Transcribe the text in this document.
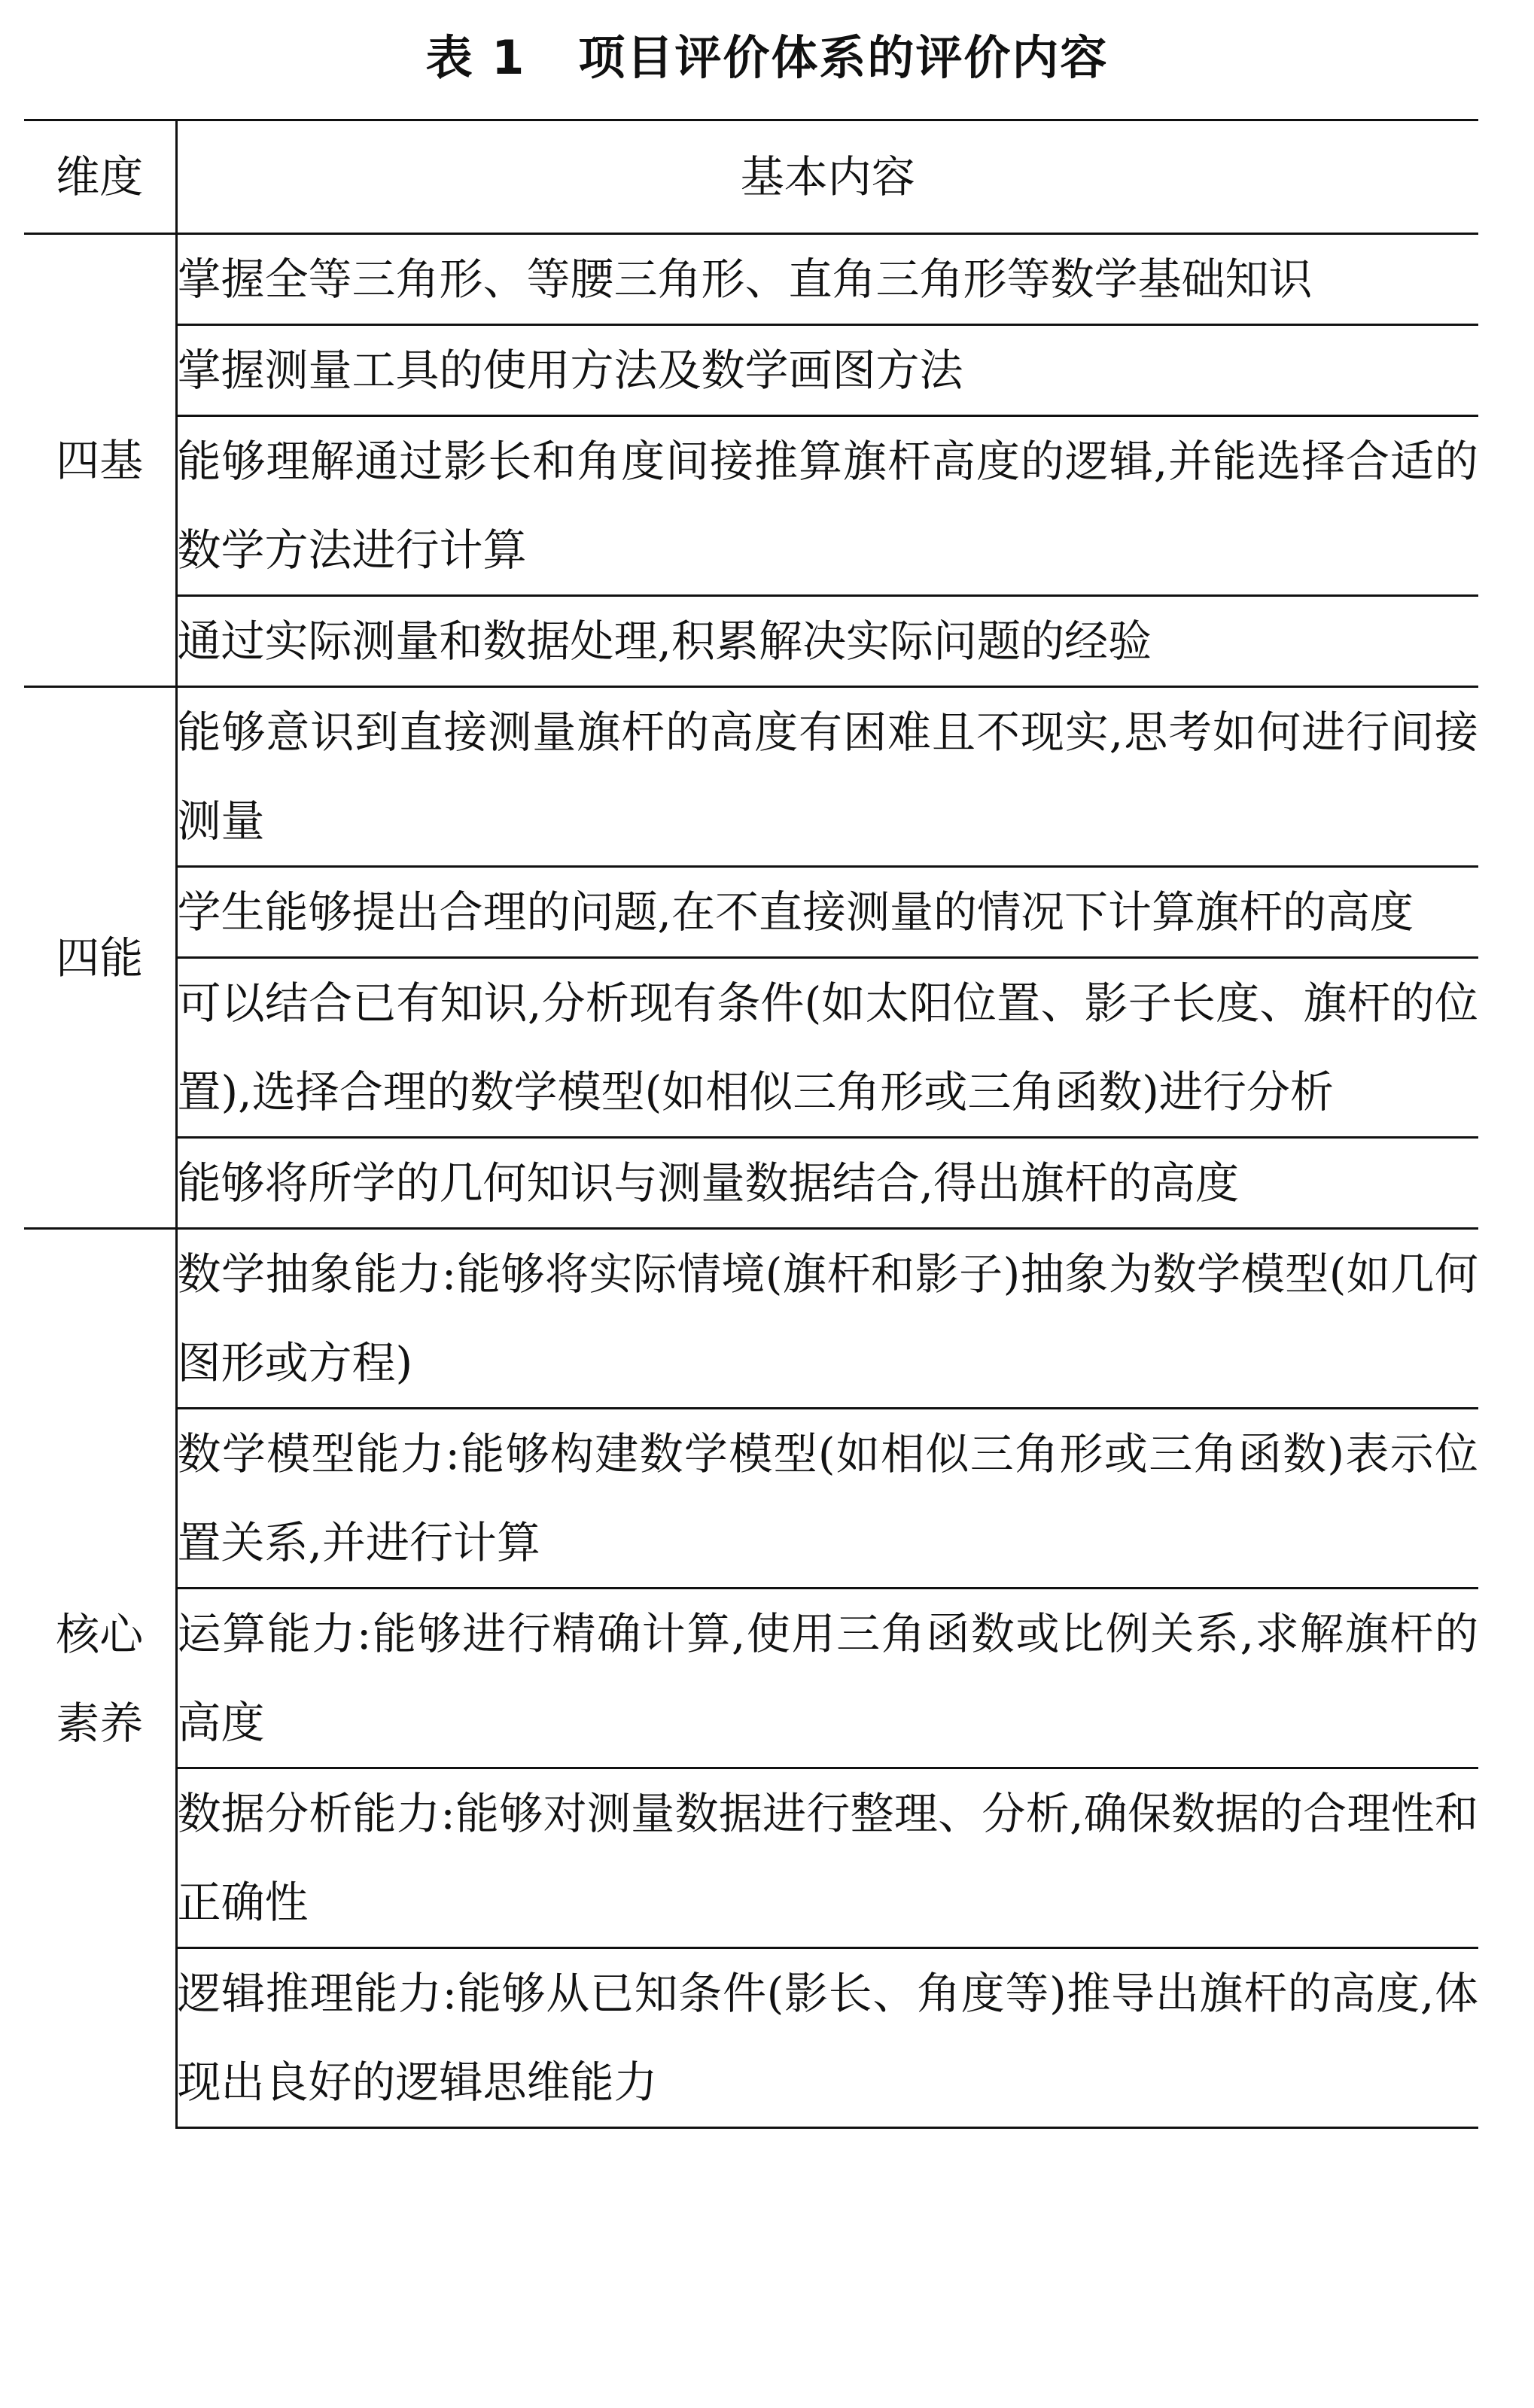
表 1 项目评价体系的评价内容
维度	基本内容
四基	掌握全等三角形、等腰三角形、直角三角形等数学基础知识
	掌握测量工具的使用方法及数学画图方法
	能够理解通过影长和角度间接推算旗杆高度的逻辑,并能选择合适的数学方法进行计算
	通过实际测量和数据处理,积累解决实际问题的经验
四能	能够意识到直接测量旗杆的高度有困难且不现实,思考如何进行间接测量
	学生能够提出合理的问题,在不直接测量的情况下计算旗杆的高度
	可以结合已有知识,分析现有条件(如太阳位置、影子长度、旗杆的位置),选择合理的数学模型(如相似三角形或三角函数)进行分析
	能够将所学的几何知识与测量数据结合,得出旗杆的高度

核心素养	数学抽象能力:能够将实际情境(旗杆和影子)抽象为数学模型(如几何图形或方程)
	数学模型能力:能够构建数学模型(如相似三角形或三角函数)表示位置关系,并进行计算
	运算能力:能够进行精确计算,使用三角函数或比例关系,求解旗杆的高度
	数据分析能力:能够对测量数据进行整理、分析,确保数据的合理性和正确性
	逻辑推理能力:能够从已知条件(影长、角度等)推导出旗杆的高度,体现出良好的逻辑思维能力
